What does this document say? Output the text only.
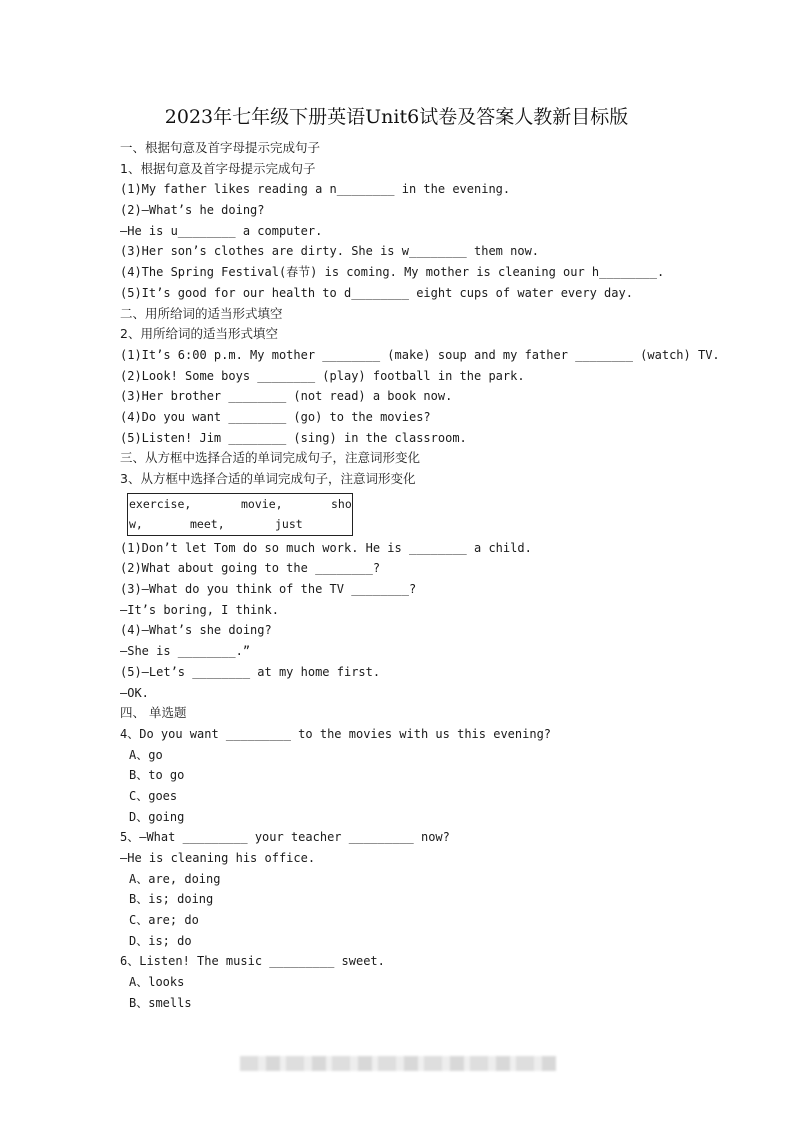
2023年七年级下册英语Unit6试卷及答案人教新目标版
一、根据句意及首字母提示完成句子
1、根据句意及首字母提示完成句子
(1)My father likes reading a n________ in the evening.
(2)—What’s he doing?
—He is u________ a computer.
(3)Her son’s clothes are dirty. She is w________ them now.
(4)The Spring Festival(春节) is coming. My mother is cleaning our h________.
(5)It’s good for our health to d________ eight cups of water every day.
二、用所给词的适当形式填空
2、用所给词的适当形式填空
(1)It’s 6:00 p.m. My mother ________ (make) soup and my father ________ (watch) TV.
(2)Look! Some boys ________ (play) football in the park.
(3)Her brother ________ (not read) a book now.
(4)Do you want ________ (go) to the movies?
(5)Listen! Jim ________ (sing) in the classroom.
三、从方框中选择合适的单词完成句子，注意词形变化
3、从方框中选择合适的单词完成句子，注意词形变化
exercise,	movie,	sho
w,	meet,	just
(1)Don’t let Tom do so much work. He is ________ a child.
(2)What about going to the ________?
(3)—What do you think of the TV ________?
—It’s boring, I think.
(4)—What’s she doing?
—She is ________.”
(5)—Let’s ________ at my home first.
—OK.
四、 单选题
4、Do you want _________ to the movies with us this evening?
A、go
B、to go
C、goes
D、going
5、—What _________ your teacher _________ now?
—He is cleaning his office.
A、are, doing
B、is; doing
C、are; do
D、is; do
6、Listen! The music _________ sweet.
A、looks
B、smells
